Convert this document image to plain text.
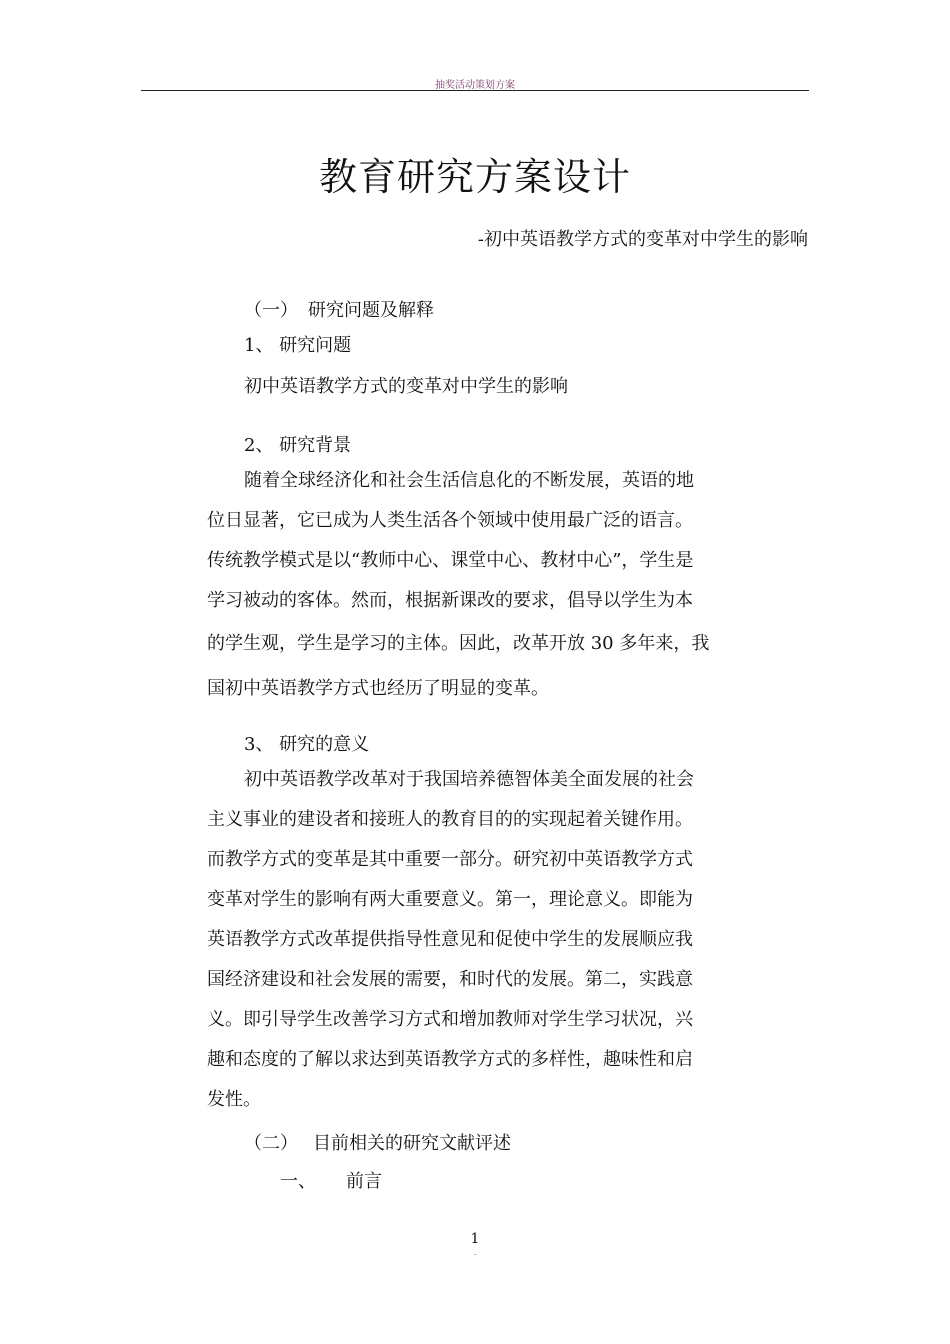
抽奖活动策划方案
教育研究方案设计
-初中英语教学方式的变革对中学生的影响
（一） 研究问题及解释
1、 研究问题
初中英语教学方式的变革对中学生的影响
2、 研究背景
随着全球经济化和社会生活信息化的不断发展，英语的地
位日显著，它已成为人类生活各个领域中使用最广泛的语言。
传统教学模式是以“教师中心、课堂中心、教材中心”，学生是
学习被动的客体。然而，根据新课改的要求，倡导以学生为本
的学生观，学生是学习的主体。因此，改革开放 30 多年来，我
国初中英语教学方式也经历了明显的变革。
3、 研究的意义
初中英语教学改革对于我国培养德智体美全面发展的社会
主义事业的建设者和接班人的教育目的的实现起着关键作用。
而教学方式的变革是其中重要一部分。研究初中英语教学方式
变革对学生的影响有两大重要意义。第一，理论意义。即能为
英语教学方式改革提供指导性意见和促使中学生的发展顺应我
国经济建设和社会发展的需要，和时代的发展。第二，实践意
义。即引导学生改善学习方式和增加教师对学生学习状况，兴
趣和态度的了解以求达到英语教学方式的多样性，趣味性和启
发性。
（二） 目前相关的研究文献评述
一、 前言
1
.
